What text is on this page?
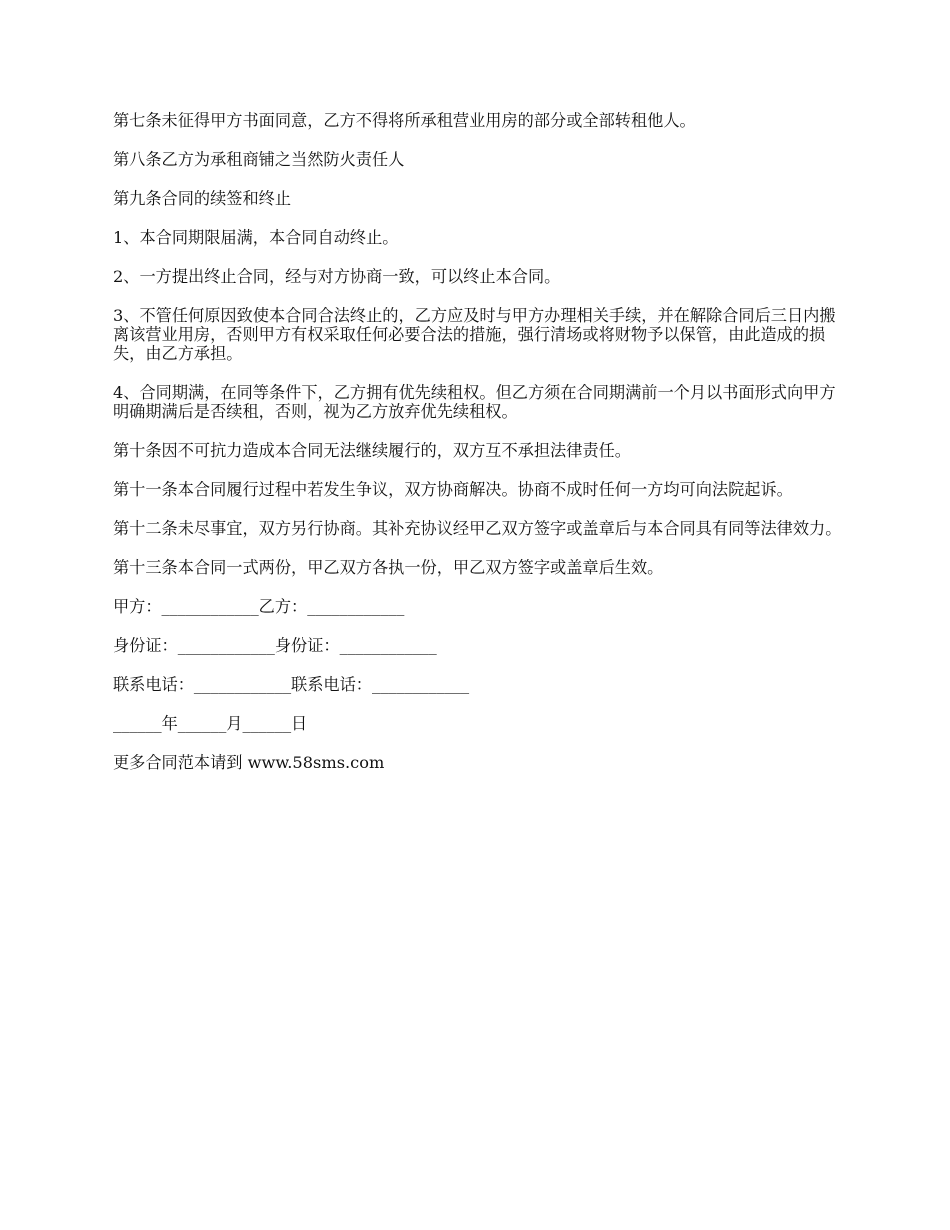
第七条未征得甲方书面同意，乙方不得将所承租营业用房的部分或全部转租他人。

第八条乙方为承租商铺之当然防火责任人

第九条合同的续签和终止

1、本合同期限届满，本合同自动终止。

2、一方提出终止合同，经与对方协商一致，可以终止本合同。

3、不管任何原因致使本合同合法终止的，乙方应及时与甲方办理相关手续，并在解除合同后三日内搬离该营业用房，否则甲方有权采取任何必要合法的措施，强行清场或将财物予以保管，由此造成的损失，由乙方承担。

4、合同期满，在同等条件下，乙方拥有优先续租权。但乙方须在合同期满前一个月以书面形式向甲方明确期满后是否续租，否则，视为乙方放弃优先续租权。

第十条因不可抗力造成本合同无法继续履行的，双方互不承担法律责任。

第十一条本合同履行过程中若发生争议，双方协商解决。协商不成时任何一方均可向法院起诉。

第十二条未尽事宜，双方另行协商。其补充协议经甲乙双方签字或盖章后与本合同具有同等法律效力。

第十三条本合同一式两份，甲乙双方各执一份，甲乙双方签字或盖章后生效。

甲方：____________乙方：____________

身份证：____________身份证：____________

联系电话：____________联系电话：____________

______年______月______日

更多合同范本请到 www.58sms.com
